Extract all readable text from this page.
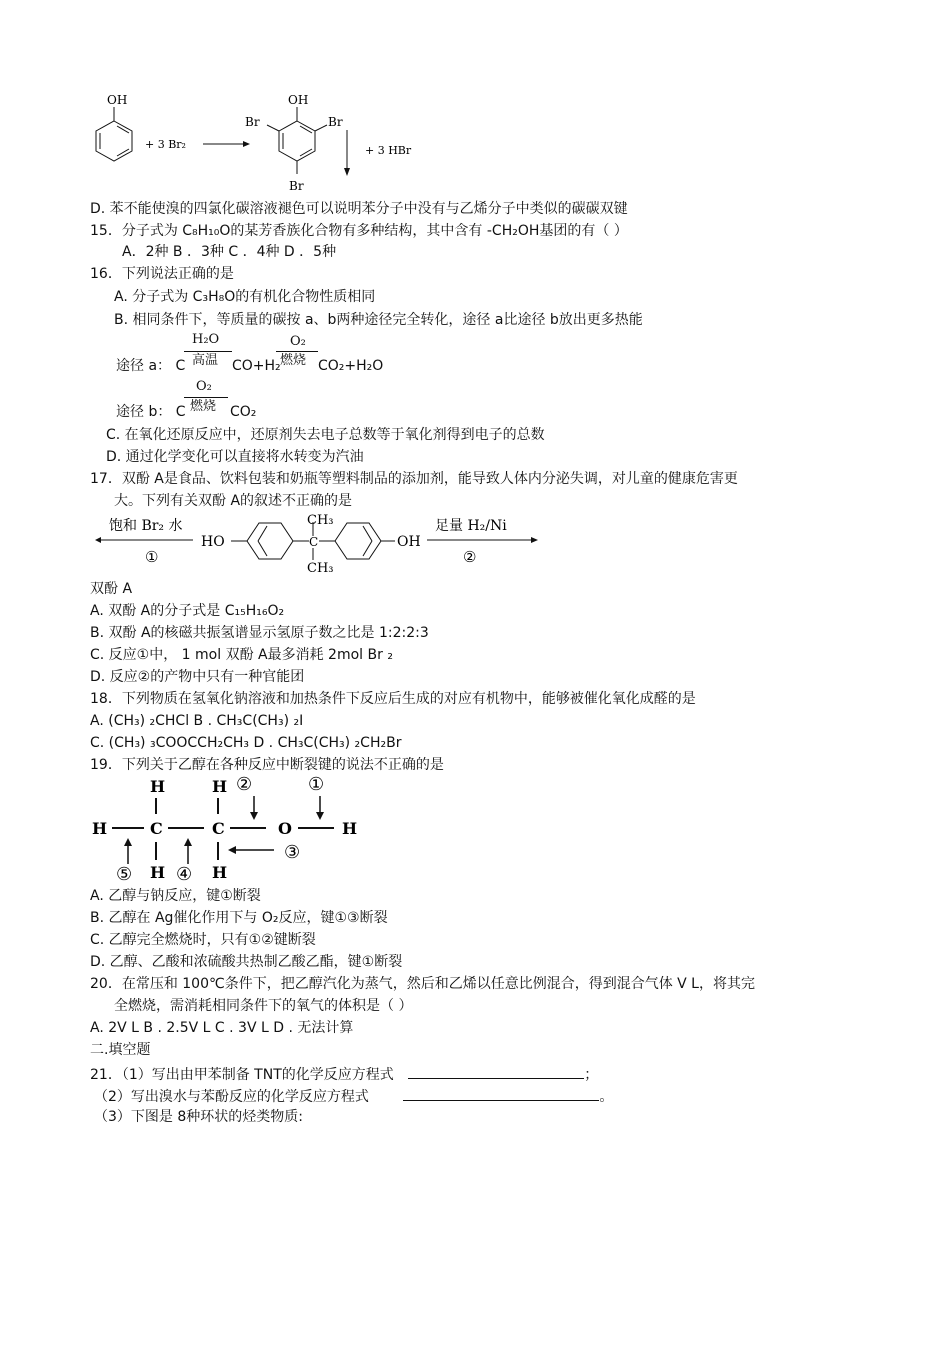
OH
+ 3 Br₂
OH
Br	Br
Br
+ 3 HBr
D. 苯不能使溴的四氯化碳溶液褪色可以说明苯分子中没有与乙烯分子中类似的碳碳双键
15．分子式为 C₈H₁₀O的某芳香族化合物有多种结构，其中含有 -CH₂OH基团的有（ ）
A．2种 B ．3种 C ．4种 D ．5种
16．下列说法正确的是
A. 分子式为 C₃H₈O的有机化合物性质相同
B. 相同条件下，等质量的碳按 a、b两种途径完全转化，途径 a比途径 b放出更多热能
途径 a： C
H₂O
高温 CO+H₂
O₂
燃烧 CO₂+H₂O
途径 b： C
O₂
燃烧 CO₂
C. 在氧化还原反应中，还原剂失去电子总数等于氧化剂得到电子的总数
D. 通过化学变化可以直接将水转变为汽油
17．双酚 A是食品、饮料包装和奶瓶等塑料制品的添加剂，能导致人体内分泌失调，对儿童的健康危害更
大。下列有关双酚 A的叙述不正确的是
饱和 Br₂ 水
①
HO	C
CH₃
CH₃
OH
足量 H₂/Ni
②
双酚 A
A. 双酚 A的分子式是 C₁₅H₁₆O₂
B. 双酚 A的核磁共振氢谱显示氢原子数之比是 1:2:2:3
C. 反应①中， 1 mol 双酚 A最多消耗 2mol Br ₂
D. 反应②的产物中只有一种官能团
18．下列物质在氢氧化钠溶液和加热条件下反应后生成的对应有机物中，能够被催化氧化成醛的是
A. (CH₃) ₂CHCl B . CH₃C(CH₃) ₂I
C. (CH₃) ₃COOCCH₂CH₃ D . CH₃C(CH₃) ₂CH₂Br
19．下列关于乙醇在各种反应中断裂键的说法不正确的是
H	H
H	C	C	O	H
H	H
②	①
③
⑤ ④
A. 乙醇与钠反应，键①断裂
B. 乙醇在 Ag催化作用下与 O₂反应，键①③断裂
C. 乙醇完全燃烧时，只有①②键断裂
D. 乙醇、乙酸和浓硫酸共热制乙酸乙酯，键①断裂
20．在常压和 100℃条件下，把乙醇汽化为蒸气，然后和乙烯以任意比例混合，得到混合气体 V L，将其完
全燃烧，需消耗相同条件下的氧气的体积是（ ）
A. 2V L B . 2.5V L C . 3V L D . 无法计算
二.填空题
21．（1）写出由甲苯制备 TNT的化学反应方程式	；
（2）写出溴水与苯酚反应的化学反应方程式	。
（3）下图是 8种环状的烃类物质:
